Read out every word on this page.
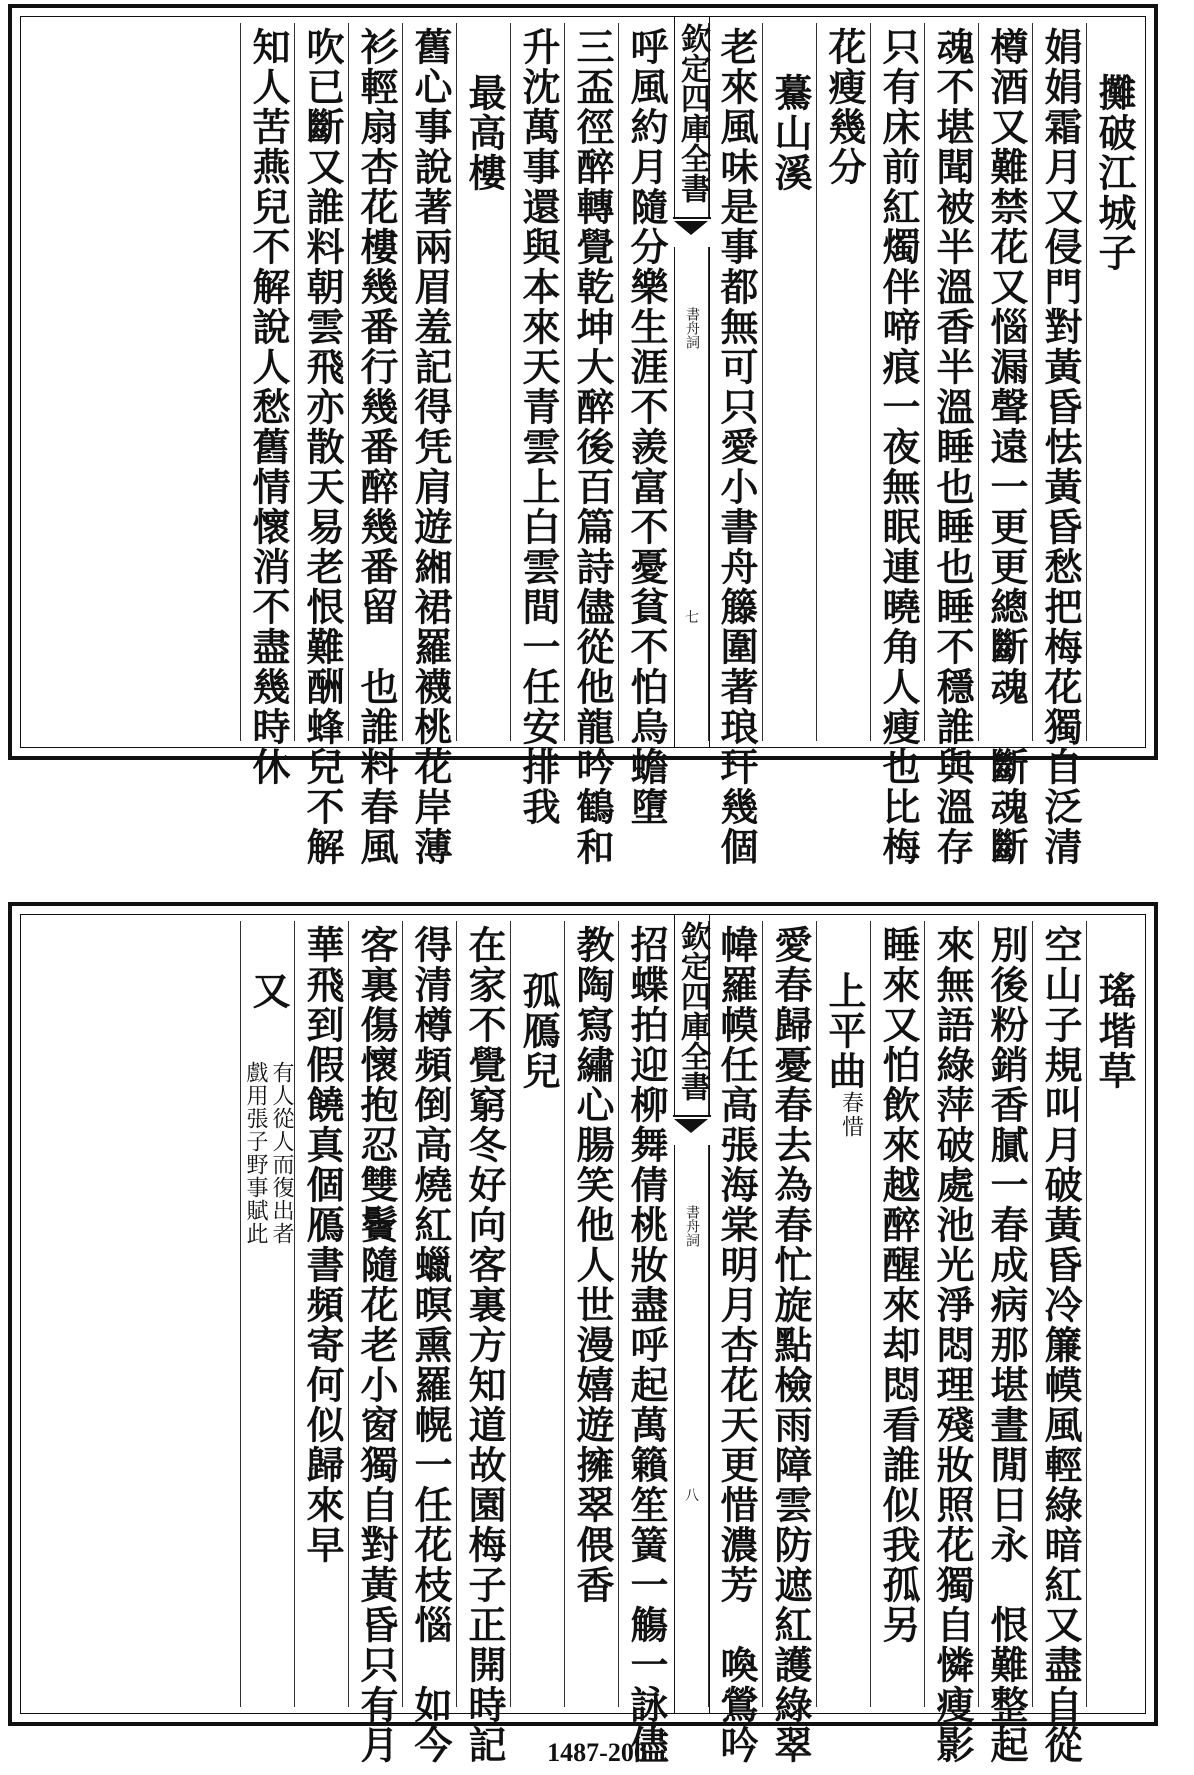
攤破江城子
娟娟霜月又侵門對黃昏怯黃昏愁把梅花獨自泛清
樽酒又難禁花又惱漏聲遠一更更總斷魂　斷魂斷
魂不堪聞被半溫香半溫睡也睡也睡不穩誰與溫存
只有床前紅燭伴啼痕一夜無眠連曉角人瘦也比梅
花瘦幾分
驀山溪
老來風味是事都無可只愛小書舟籐圍著琅玕幾個
欽定四庫全書
書舟詞
七
呼風約月隨分樂生涯不羨富不憂貧不怕烏蟾墮
三盃徑醉轉覺乾坤大醉後百篇詩儘從他龍吟鶴和
升沈萬事還與本來天青雲上白雲間一任安排我
最高樓
舊心事說著兩眉羞記得凭肩遊緗裙羅襪桃花岸薄
衫輕扇杏花樓幾番行幾番醉幾番留　也誰料春風
吹已斷又誰料朝雲飛亦散天易老恨難酬蜂兒不解
知人苦燕兒不解說人愁舊情懷消不盡幾時休
瑤堦草
空山子規叫月破黃昏冷簾幙風輕綠暗紅又盡自從
別後粉銷香膩一春成病那堪晝閒日永　恨難整起
來無語綠萍破處池光淨悶理殘妝照花獨自憐瘦影
睡來又怕飲來越醉醒來却悶看誰似我孤另
上平曲
春惜
愛春歸憂春去為春忙旋點檢雨障雲防遮紅護綠翠
幃羅幙任高張海棠明月杏花天更惜濃芳　喚鶯吟
欽定四庫全書
書舟詞
八
招蝶拍迎柳舞倩桃妝盡呼起萬籟笙簧一觴一詠儘
教陶寫繡心腸笑他人世漫嬉遊擁翠偎香
孤鴈兒
在家不覺窮冬好向客裏方知道故園梅子正開時記
得清樽頻倒高燒紅蠟暝熏羅幌一任花枝惱　如今
客裏傷懷抱忍雙鬢隨花老小窗獨自對黃昏只有月
華飛到假饒真個鴈書頻寄何似歸來早
又
有人從人而復出者
戲用張子野事賦此
1487-200
